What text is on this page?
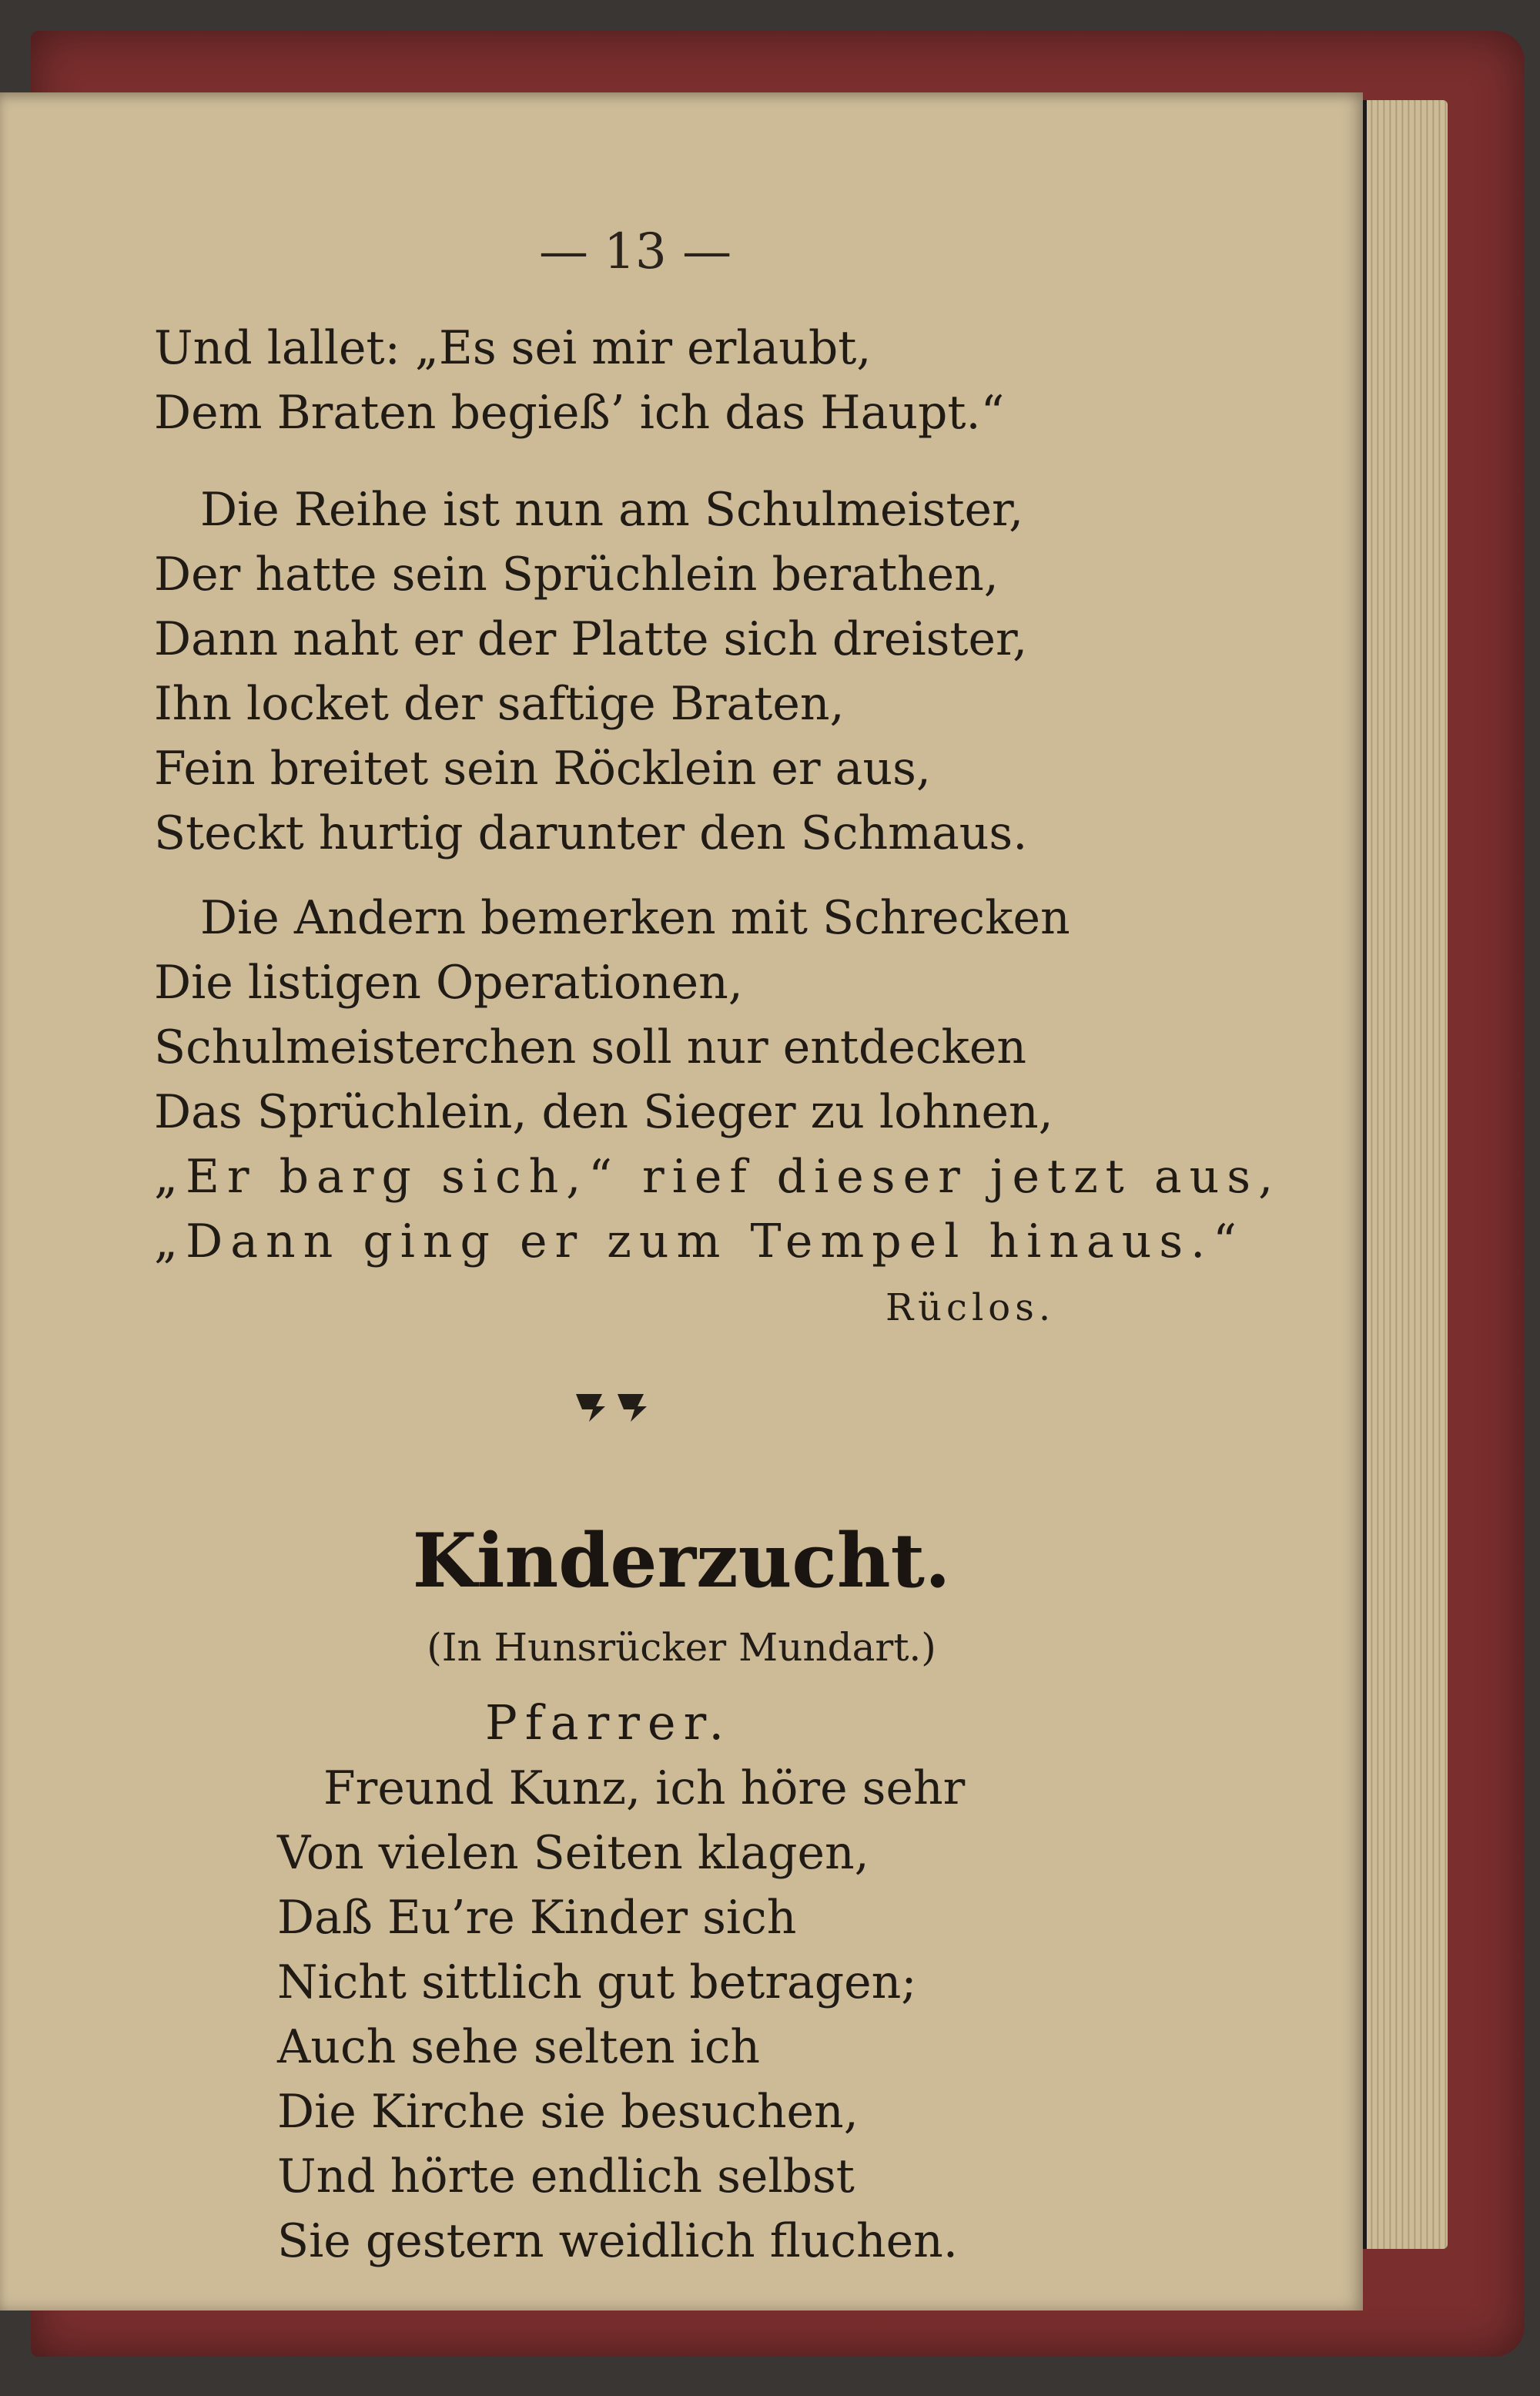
— 13 —
Und lallet: „Es sei mir erlaubt,
Dem Braten begieß’ ich das Haupt.“
Die Reihe ist nun am Schulmeister,
Der hatte sein Sprüchlein berathen,
Dann naht er der Platte sich dreister,
Ihn locket der saftige Braten,
Fein breitet sein Röcklein er aus,
Steckt hurtig darunter den Schmaus.
Die Andern bemerken mit Schrecken
Die listigen Operationen,
Schulmeisterchen soll nur entdecken
Das Sprüchlein, den Sieger zu lohnen,
„Er barg sich,“ rief dieser jetzt aus,
„Dann ging er zum Tempel hinaus.“
Rüclos.
Kinderzucht.
(In Hunsrücker Mundart.)
Pfarrer.
Freund Kunz, ich höre sehr
Von vielen Seiten klagen,
Daß Eu’re Kinder sich
Nicht sittlich gut betragen;
Auch sehe selten ich
Die Kirche sie besuchen,
Und hörte endlich selbst
Sie gestern weidlich fluchen.
